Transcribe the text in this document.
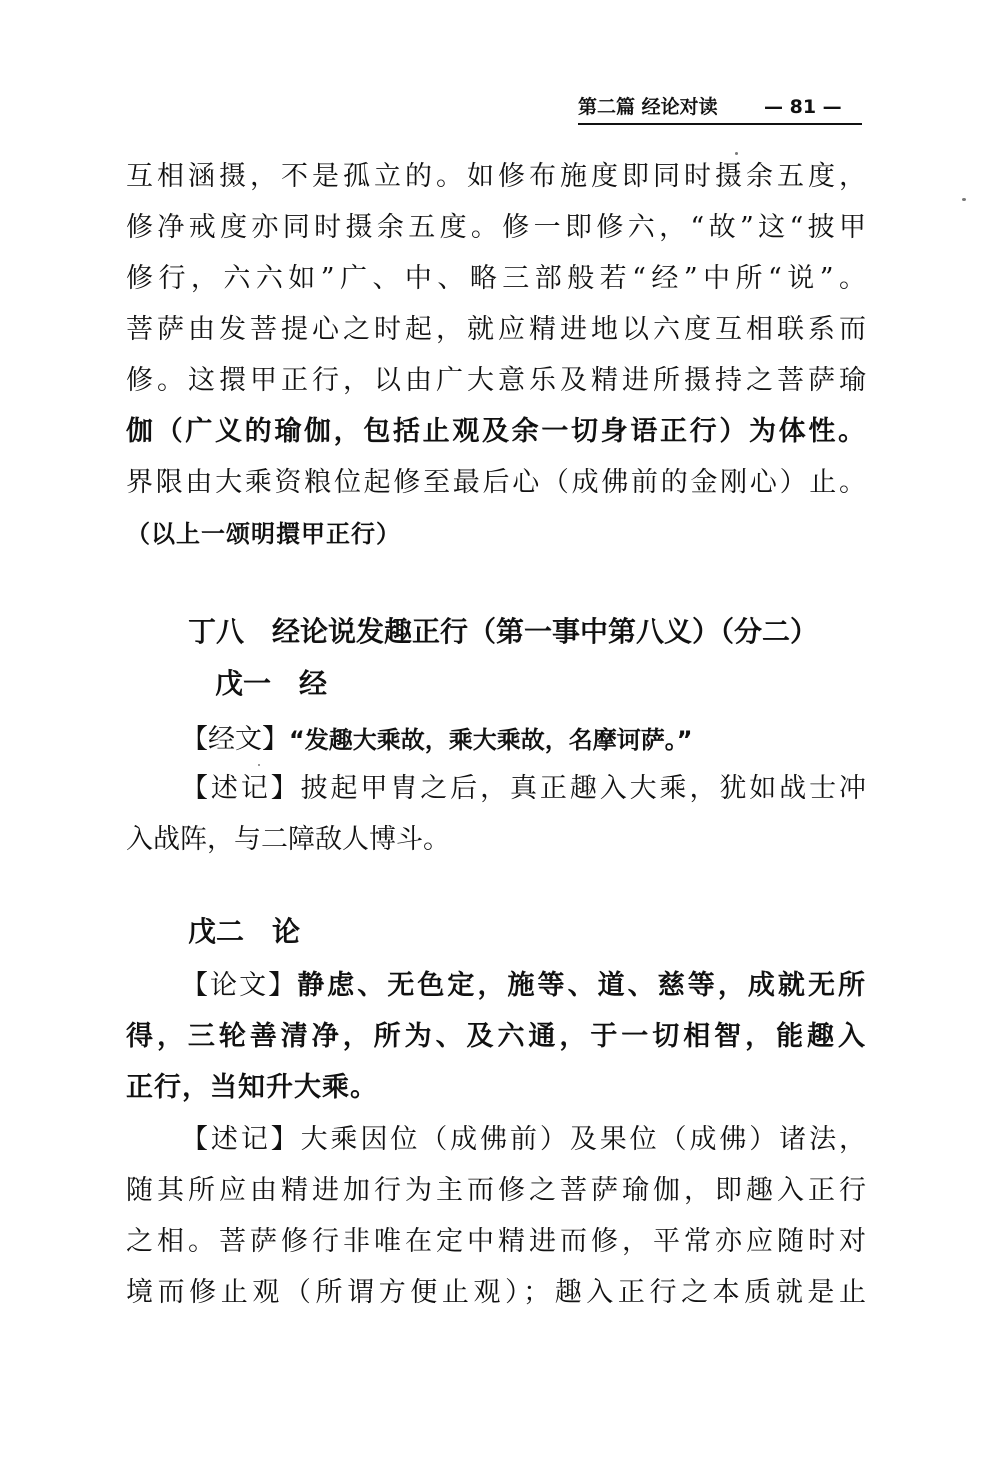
第二篇 经论对读 — 81 —
互相涵摄，不是孤立的。如修布施度即同时摄余五度，
修净戒度亦同时摄余五度。修一即修六，“故”这“披甲
修行，六六如”广、中、略三部般若“经”中所“说”。
菩萨由发菩提心之时起，就应精进地以六度互相联系而
修。这擐甲正行，以由广大意乐及精进所摄持之菩萨瑜
伽（广义的瑜伽，包括止观及余一切身语正行）为体性。
界限由大乘资粮位起修至最后心（成佛前的金刚心）止。
（以上一颂明擐甲正行）
丁八　经论说发趣正行（第一事中第八义）（分二）
戊一　经
【经文】“发趣大乘故，乘大乘故，名摩诃萨。”
【述记】披起甲胄之后，真正趣入大乘，犹如战士冲
入战阵，与二障敌人博斗。
戊二　论
【论文】静虑、无色定，施等、道、慈等，成就无所
得，三轮善清净，所为、及六通，于一切相智，能趣入
正行，当知升大乘。
【述记】大乘因位（成佛前）及果位（成佛）诸法，
随其所应由精进加行为主而修之菩萨瑜伽，即趣入正行
之相。菩萨修行非唯在定中精进而修，平常亦应随时对
境而修止观（所谓方便止观）；趣入正行之本质就是止
